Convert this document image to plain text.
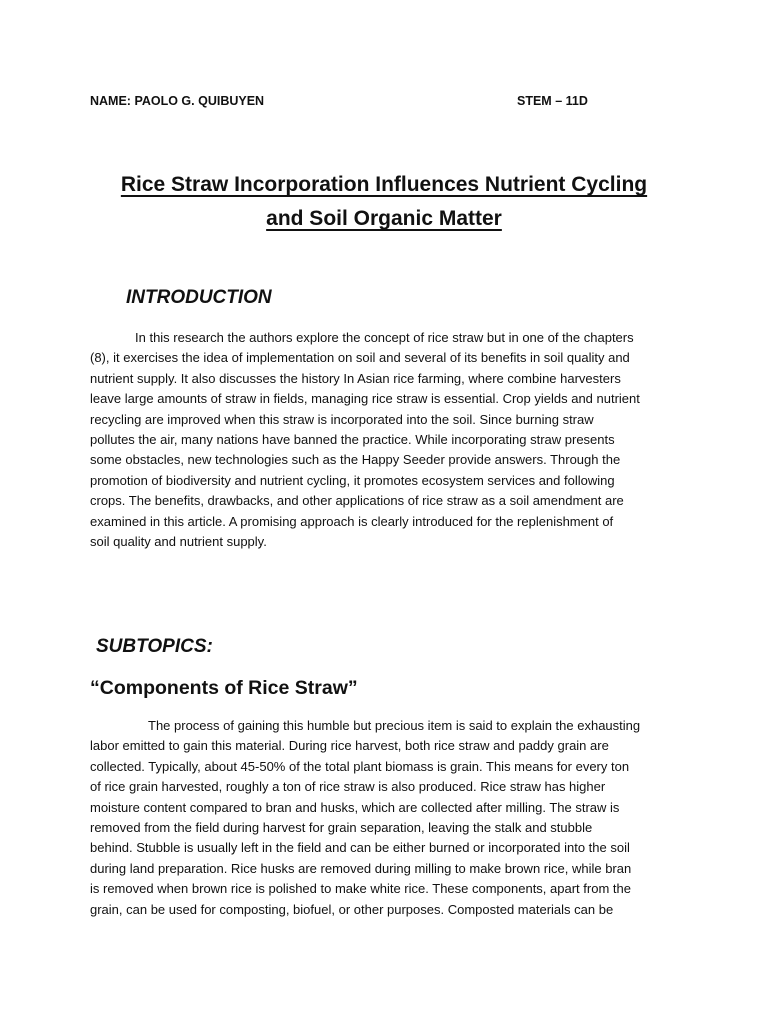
NAME: PAOLO G. QUIBUYEN	STEM – 11D
Rice Straw Incorporation Influences Nutrient Cycling
and Soil Organic Matter
INTRODUCTION
In this research the authors explore the concept of rice straw but in one of the chapters
(8), it exercises the idea of implementation on soil and several of its benefits in soil quality and
nutrient supply. It also discusses the history In Asian rice farming, where combine harvesters
leave large amounts of straw in fields, managing rice straw is essential. Crop yields and nutrient
recycling are improved when this straw is incorporated into the soil. Since burning straw
pollutes the air, many nations have banned the practice. While incorporating straw presents
some obstacles, new technologies such as the Happy Seeder provide answers. Through the
promotion of biodiversity and nutrient cycling, it promotes ecosystem services and following
crops. The benefits, drawbacks, and other applications of rice straw as a soil amendment are
examined in this article. A promising approach is clearly introduced for the replenishment of
soil quality and nutrient supply.
SUBTOPICS:
“Components of Rice Straw”
The process of gaining this humble but precious item is said to explain the exhausting
labor emitted to gain this material. During rice harvest, both rice straw and paddy grain are
collected. Typically, about 45-50% of the total plant biomass is grain. This means for every ton
of rice grain harvested, roughly a ton of rice straw is also produced. Rice straw has higher
moisture content compared to bran and husks, which are collected after milling. The straw is
removed from the field during harvest for grain separation, leaving the stalk and stubble
behind. Stubble is usually left in the field and can be either burned or incorporated into the soil
during land preparation. Rice husks are removed during milling to make brown rice, while bran
is removed when brown rice is polished to make white rice. These components, apart from the
grain, can be used for composting, biofuel, or other purposes. Composted materials can be
